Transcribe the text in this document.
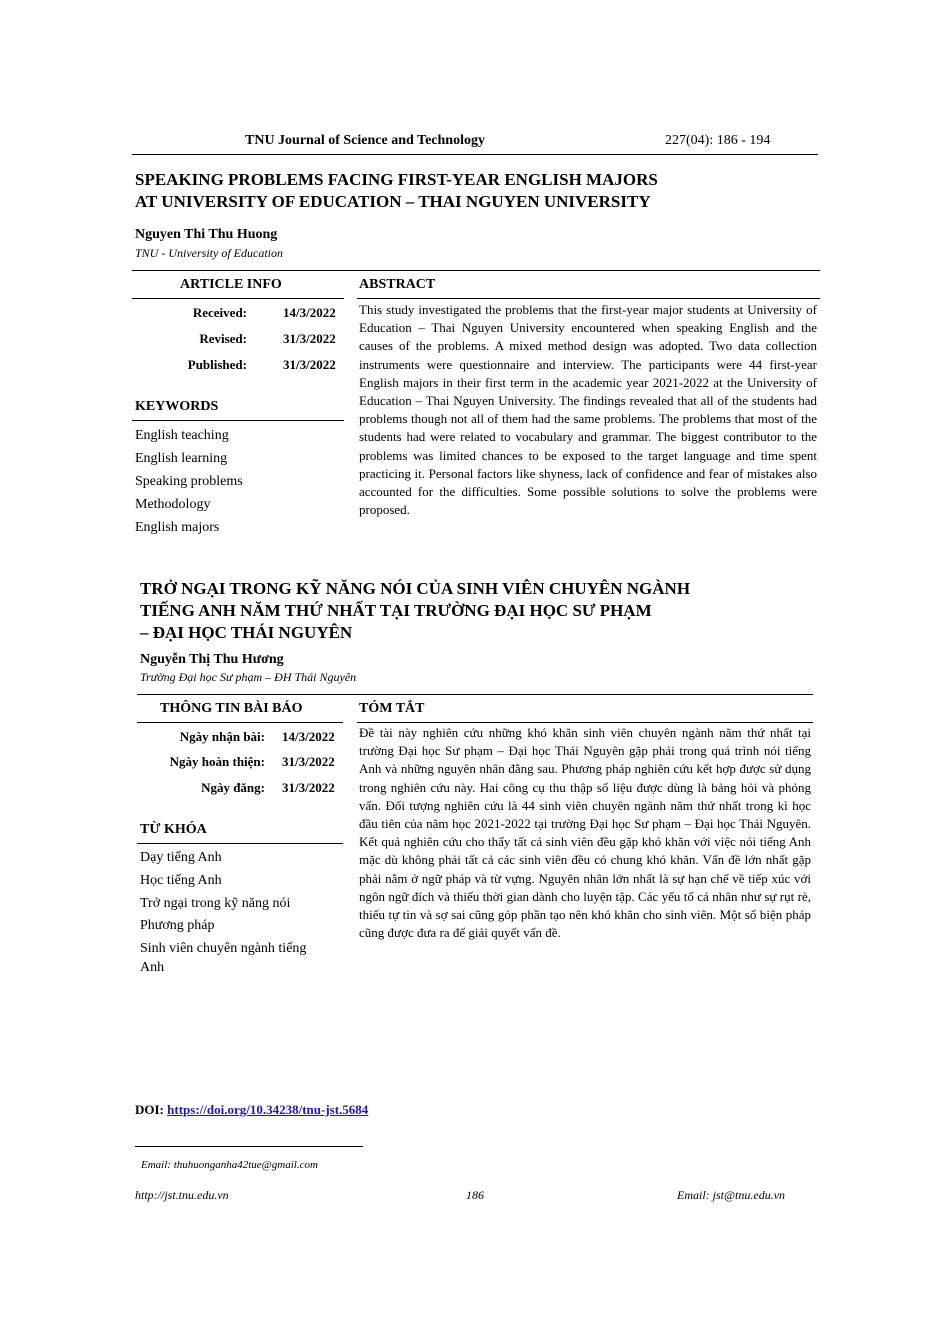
TNU Journal of Science and Technology	227(04): 186 - 194
SPEAKING PROBLEMS FACING FIRST-YEAR ENGLISH MAJORS
AT UNIVERSITY OF EDUCATION – THAI NGUYEN UNIVERSITY
Nguyen Thi Thu Huong
TNU - University of Education
ARTICLE INFO	ABSTRACT
Received:	14/3/2022
Revised:	31/3/2022
Published:	31/3/2022
KEYWORDS
English teaching
English learning
Speaking problems
Methodology
English majors
This study investigated the problems that the first-year major students at University of Education – Thai Nguyen University encountered when speaking English and the causes of the problems. A mixed method design was adopted. Two data collection instruments were questionnaire and interview. The participants were 44 first-year English majors in their first term in the academic year 2021-2022 at the University of Education – Thai Nguyen University. The findings revealed that all of the students had problems though not all of them had the same problems. The problems that most of the students had were related to vocabulary and grammar. The biggest contributor to the problems was limited chances to be exposed to the target language and time spent practicing it. Personal factors like shyness, lack of confidence and fear of mistakes also accounted for the difficulties. Some possible solutions to solve the problems were proposed.
TRỞ NGẠI TRONG KỸ NĂNG NÓI CỦA SINH VIÊN CHUYÊN NGÀNH
TIẾNG ANH NĂM THỨ NHẤT TẠI TRƯỜNG ĐẠI HỌC SƯ PHẠM
– ĐẠI HỌC THÁI NGUYÊN
Nguyễn Thị Thu Hương
Trường Đại học Sư phạm – ĐH Thái Nguyên
THÔNG TIN BÀI BÁO	TÓM TẮT
Ngày nhận bài: 14/3/2022
Ngày hoàn thiện: 31/3/2022
Ngày đăng: 31/3/2022
TỪ KHÓA
Dạy tiếng Anh
Học tiếng Anh
Trở ngại trong kỹ năng nói
Phương pháp
Sinh viên chuyên ngành tiếng
Anh
Đề tài này nghiên cứu những khó khăn sinh viên chuyên ngành năm thứ nhất tại trường Đại học Sư phạm – Đại học Thái Nguyên gặp phải trong quá trình nói tiếng Anh và những nguyên nhân đằng sau. Phương pháp nghiên cứu kết hợp được sử dụng trong nghiên cứu này. Hai công cụ thu thập số liệu được dùng là bảng hỏi và phỏng vấn. Đối tượng nghiên cứu là 44 sinh viên chuyên ngành năm thứ nhất trong kì học đầu tiên của năm học 2021-2022 tại trường Đại học Sư phạm – Đại học Thái Nguyên. Kết quả nghiên cứu cho thấy tất cả sinh viên đều gặp khó khăn với việc nói tiếng Anh mặc dù không phải tất cả các sinh viên đều có chung khó khăn. Vấn đề lớn nhất gặp phải nằm ở ngữ pháp và từ vựng. Nguyên nhân lớn nhất là sự hạn chế về tiếp xúc với ngôn ngữ đích và thiếu thời gian dành cho luyện tập. Các yếu tố cá nhân như sự rụt rè, thiếu tự tin và sợ sai cũng góp phần tạo nên khó khăn cho sinh viên. Một số biện pháp cũng được đưa ra để giải quyết vấn đề.
DOI: https://doi.org/10.34238/tnu-jst.5684
Email: thuhuonganha42tue@gmail.com
http://jst.tnu.edu.vn	186	Email: jst@tnu.edu.vn
